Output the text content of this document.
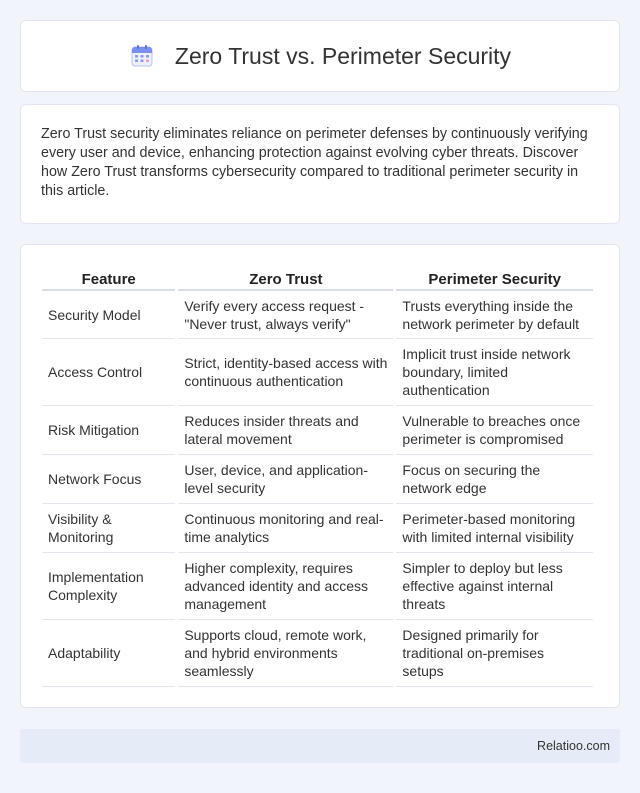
Zero Trust vs. Perimeter Security

Zero Trust security eliminates reliance on perimeter defenses by continuously verifying every user and device, enhancing protection against evolving cyber threats. Discover how Zero Trust transforms cybersecurity compared to traditional perimeter security in this article.

Feature	Zero Trust	Perimeter Security
Security Model	Verify every access request - "Never trust, always verify"	Trusts everything inside the network perimeter by default
Access Control	Strict, identity-based access with continuous authentication	Implicit trust inside network boundary, limited authentication
Risk Mitigation	Reduces insider threats and lateral movement	Vulnerable to breaches once perimeter is compromised
Network Focus	User, device, and application-level security	Focus on securing the network edge
Visibility & Monitoring	Continuous monitoring and real-time analytics	Perimeter-based monitoring with limited internal visibility
Implementation Complexity	Higher complexity, requires advanced identity and access management	Simpler to deploy but less effective against internal threats
Adaptability	Supports cloud, remote work, and hybrid environments seamlessly	Designed primarily for traditional on-premises setups
Relatioo.com
